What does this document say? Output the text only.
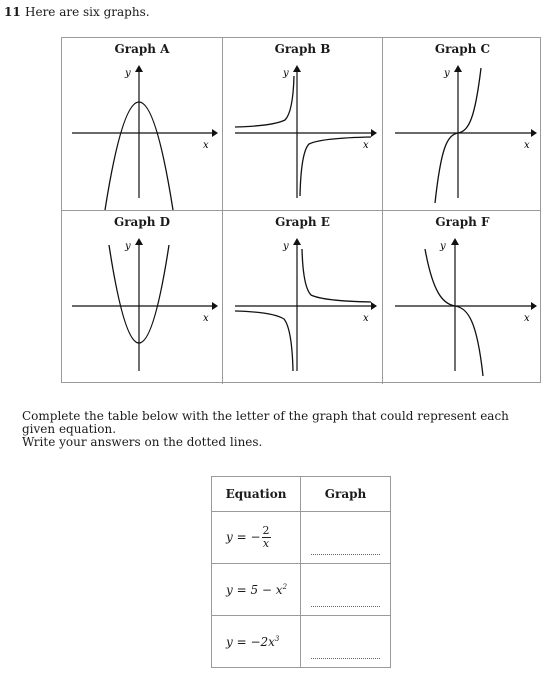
11 Here are six graphs.
Graph A
y
x
Graph B
y
x
Graph C
y
x
Graph D
y
x
Graph E
y
x
Graph F
y
x
Complete the table below with the letter of the graph that could represent each
given equation.
Write your answers on the dotted lines.
Equation	Graph
y = − $\frac{2}{x}$

$y = 5 - x^2$	

$y = -2x^3$	
